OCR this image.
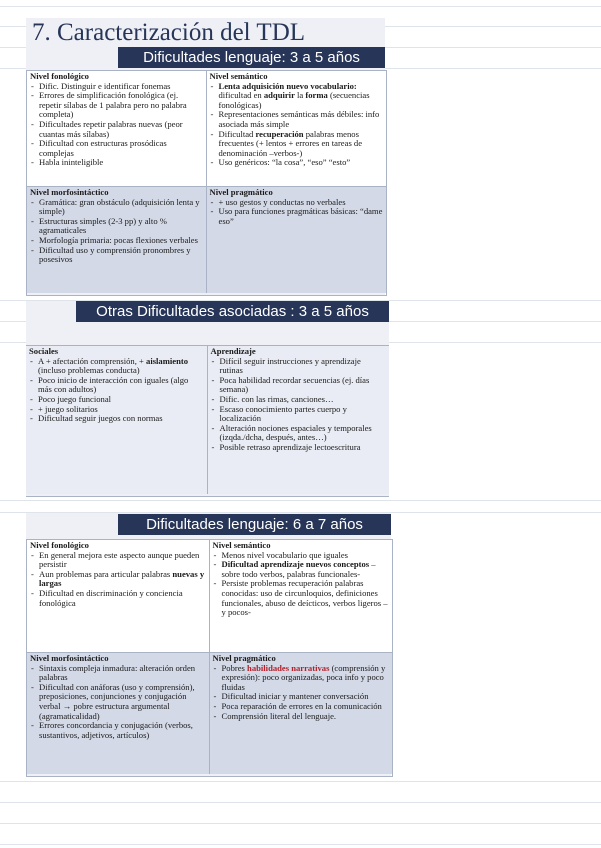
7. Caracterización del TDL
Dificultades lenguaje: 3 a 5 años
Nivel fonológico
- Dific. Distinguir e identificar fonemas
- Errores de simplificación fonológica (ej. repetir sílabas de 1 palabra pero no palabra completa)
- Dificultades repetir palabras nuevas (peor cuantas más sílabas)
- Dificultad con estructuras prosódicas complejas
- Habla ininteligible
Nivel semántico
- Lenta adquisición nuevo vocabulario: dificultad en adquirir la forma (secuencias fonológicas)
- Representaciones semánticas más débiles: info asociada más simple
- Dificultad recuperación palabras menos frecuentes (+ lentos + errores en tareas de denominación –verbos-)
- Uso genéricos: “la cosa”, “eso” “esto”
Nivel morfosintáctico
- Gramática: gran obstáculo (adquisición lenta y simple)
- Estructuras simples (2-3 pp) y alto % agramaticales
- Morfología primaria: pocas flexiones verbales
- Dificultad uso y comprensión pronombres y posesivos
Nivel pragmático
- + uso gestos y conductas no verbales
- Uso para funciones pragmáticas básicas: “dame eso”
Otras Dificultades asociadas : 3 a 5 años
Sociales
- A + afectación comprensión, + aislamiento (incluso problemas conducta)
- Poco inicio de interacción con iguales (algo más con adultos)
- Poco juego funcional
- + juego solitarios
- Dificultad seguir juegos con normas
Aprendizaje
- Difícil seguir instrucciones y aprendizaje rutinas
- Poca habilidad recordar secuencias (ej. días semana)
- Dific. con las rimas, canciones…
- Escaso conocimiento partes cuerpo y localización
- Alteración nociones espaciales y temporales (izqda./dcha, después, antes…)
- Posible retraso aprendizaje lectoescritura
Dificultades lenguaje: 6 a 7 años
Nivel fonológico
- En general mejora este aspecto aunque pueden persistir
- Aun problemas para articular palabras nuevas y largas
- Dificultad en discriminación y conciencia fonológica
Nivel semántico
- Menos nivel vocabulario que iguales
- Dificultad aprendizaje nuevos conceptos –sobre todo verbos, palabras funcionales-
- Persiste problemas recuperación palabras conocidas: uso de circunloquios, definiciones funcionales, abuso de deícticos, verbos ligeros –y pocos-
Nivel morfosintáctico
- Sintaxis compleja inmadura: alteración orden palabras
- Dificultad con anáforas (uso y comprensión), preposiciones, conjunciones y conjugación verbal → pobre estructura argumental (agramaticalidad)
- Errores concordancia y conjugación (verbos, sustantivos, adjetivos, artículos)
Nivel pragmático
- Pobres habilidades narrativas (comprensión y expresión): poco organizadas, poca info y poco fluidas
- Dificultad iniciar y mantener conversación
- Poca reparación de errores en la comunicación
- Comprensión literal del lenguaje.
